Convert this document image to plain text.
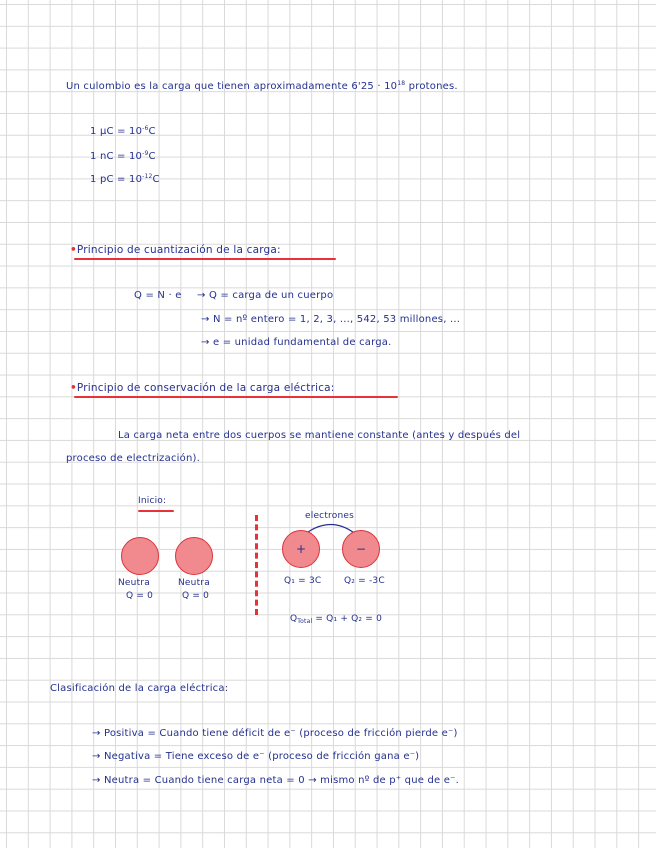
Un culombio es la carga que tienen aproximadamente $6'25 \cdot 10^{18}$ protones.
1 $\mu C = 10^{-6}C$
1 nC = $10^{-9}C$
1 pC = $10^{-12}C$
•Principio de cuantización de la carga:
Q = N · e → Q = carga de un cuerpo
→ N = nº entero = 1, 2, 3, ..., 542, 53 millones, ...
→ e = unidad fundamental de carga.
•Principio de conservación de la carga eléctrica:
La carga neta entre dos cuerpos se mantiene constante (antes y después del
proceso de electrización).
Inicio:
Neutra
Q = 0
Neutra
Q = 0
electrones
+	−
Q₁ = 3C	Q₂ = -3C
$Q_{Total} = Q_1 + Q_2 = 0$
Clasificación de la carga eléctrica:
→ Positiva = Cuando tiene déficit de e⁻ (proceso de fricción pierde e⁻)
→ Negativa = Tiene exceso de e⁻ (proceso de fricción gana e⁻)
→ Neutra = Cuando tiene carga neta = 0 → mismo nº de p⁺ que de e⁻.
